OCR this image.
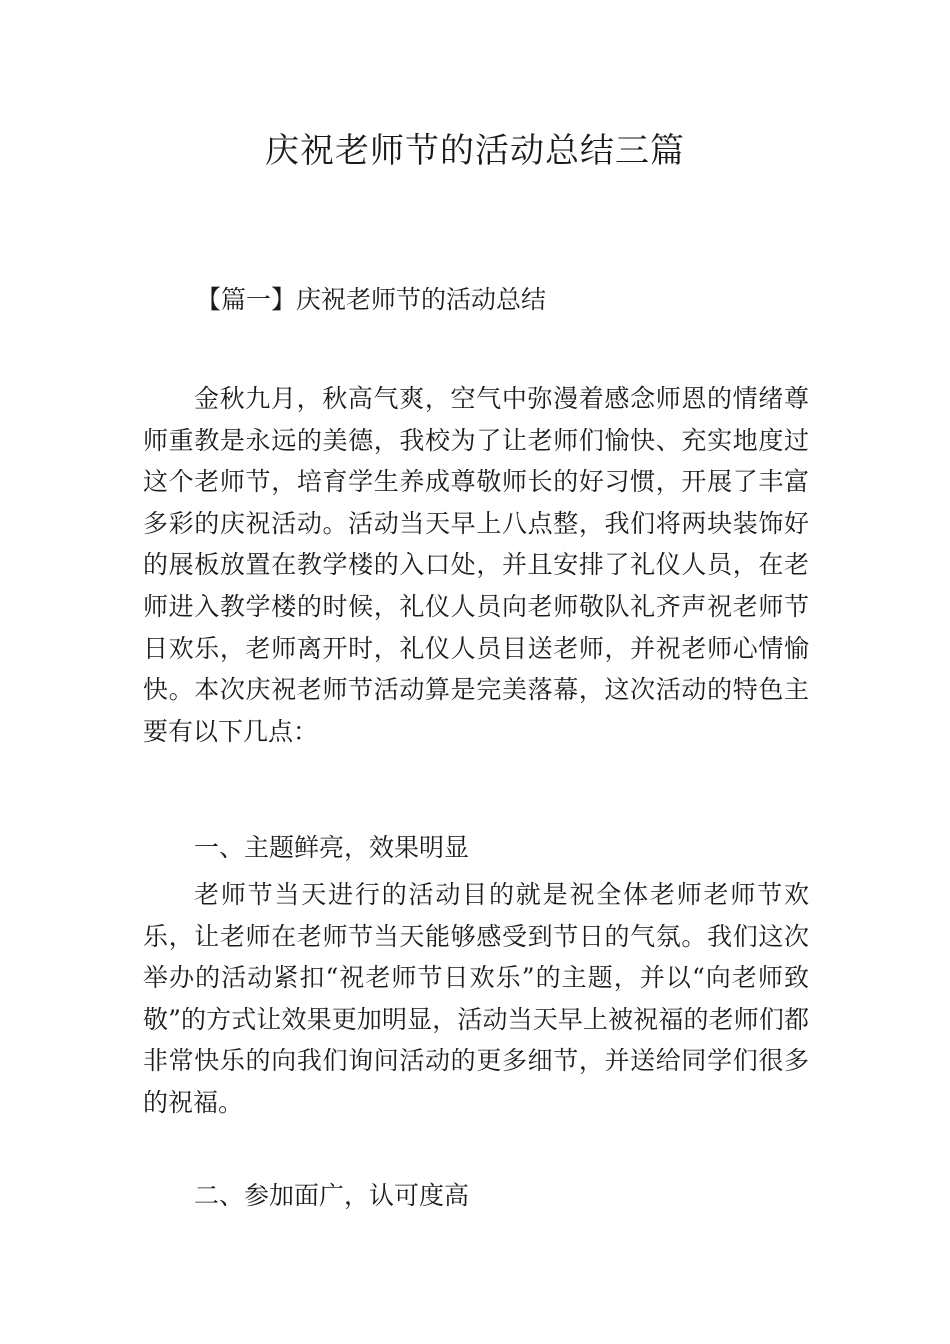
庆祝老师节的活动总结三篇
【篇一】庆祝老师节的活动总结

金秋九月，秋高气爽，空气中弥漫着感念师恩的情绪尊师重教是永远的美德，我校为了让老师们愉快、充实地度过这个老师节，培育学生养成尊敬师长的好习惯，开展了丰富多彩的庆祝活动。活动当天早上八点整，我们将两块装饰好的展板放置在教学楼的入口处，并且安排了礼仪人员，在老师进入教学楼的时候，礼仪人员向老师敬队礼齐声祝老师节日欢乐，老师离开时，礼仪人员目送老师，并祝老师心情愉快。本次庆祝老师节活动算是完美落幕，这次活动的特色主要有以下几点：

一、主题鲜亮，效果明显

老师节当天进行的活动目的就是祝全体老师老师节欢乐，让老师在老师节当天能够感受到节日的气氛。我们这次举办的活动紧扣“祝老师节日欢乐”的主题，并以“向老师致敬”的方式让效果更加明显，活动当天早上被祝福的老师们都非常快乐的向我们询问活动的更多细节，并送给同学们很多的祝福。

二、参加面广，认可度高
